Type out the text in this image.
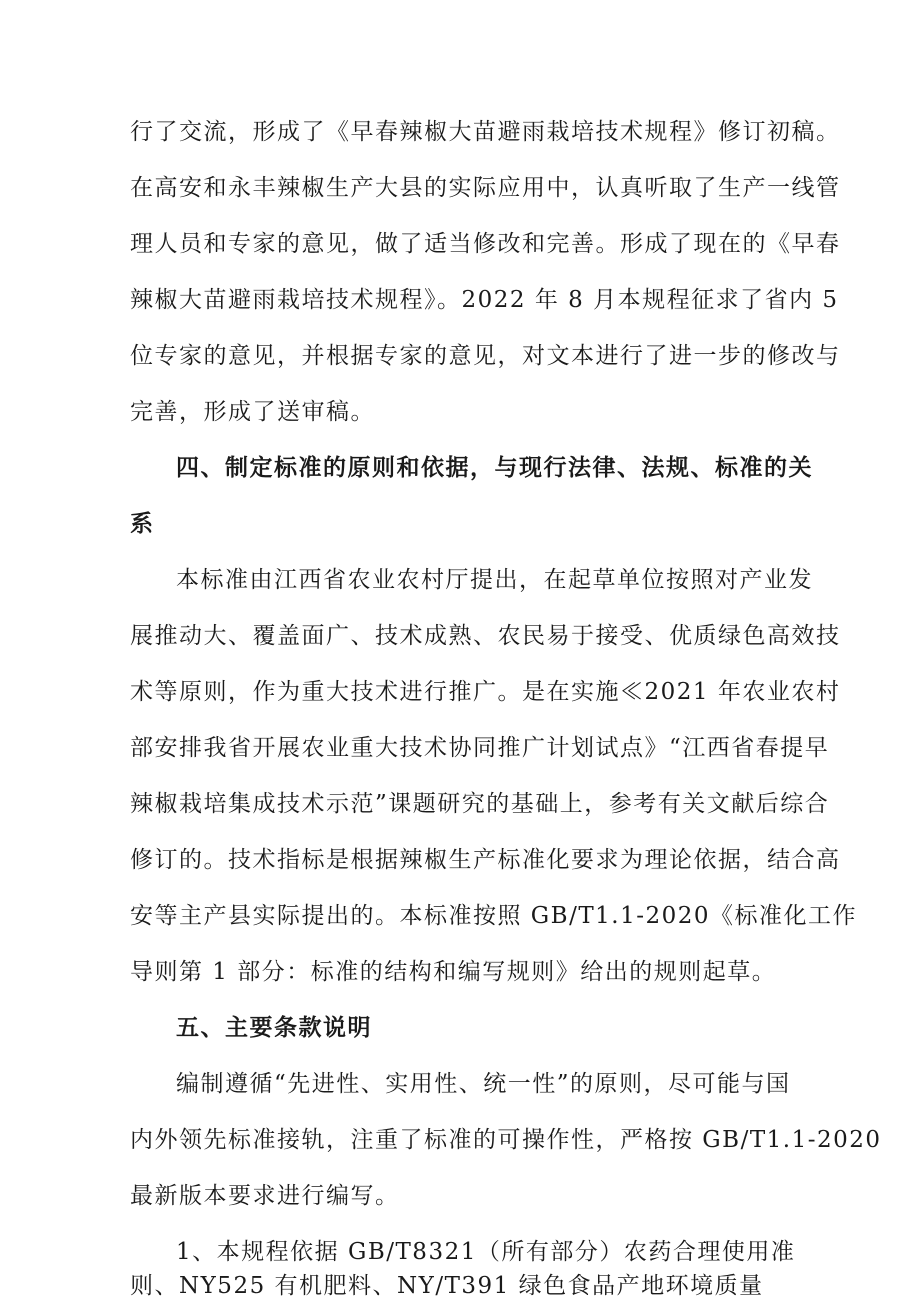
行了交流，形成了《早春辣椒大苗避雨栽培技术规程》修订初稿。
在高安和永丰辣椒生产大县的实际应用中，认真听取了生产一线管
理人员和专家的意见，做了适当修改和完善。形成了现在的《早春
辣椒大苗避雨栽培技术规程》。2022 年 8 月本规程征求了省内 5
位专家的意见，并根据专家的意见，对文本进行了进一步的修改与
完善，形成了送审稿。
四、制定标准的原则和依据，与现行法律、法规、标准的关
系
本标准由江西省农业农村厅提出，在起草单位按照对产业发
展推动大、覆盖面广、技术成熟、农民易于接受、优质绿色高效技
术等原则，作为重大技术进行推广。是在实施≪2021 年农业农村
部安排我省开展农业重大技术协同推广计划试点》“江西省春提早
辣椒栽培集成技术示范”课题研究的基础上，参考有关文献后综合
修订的。技术指标是根据辣椒生产标准化要求为理论依据，结合高
安等主产县实际提出的。本标准按照 GB/T1.1-2020《标准化工作
导则第 1 部分：标准的结构和编写规则》给出的规则起草。
五、主要条款说明
编制遵循“先进性、实用性、统一性”的原则，尽可能与国
内外领先标准接轨，注重了标准的可操作性，严格按 GB/T1.1-2020
最新版本要求进行编写。
1、本规程依据 GB/T8321（所有部分）农药合理使用准
则、NY525 有机肥料、NY/T391 绿色食品产地环境质量
